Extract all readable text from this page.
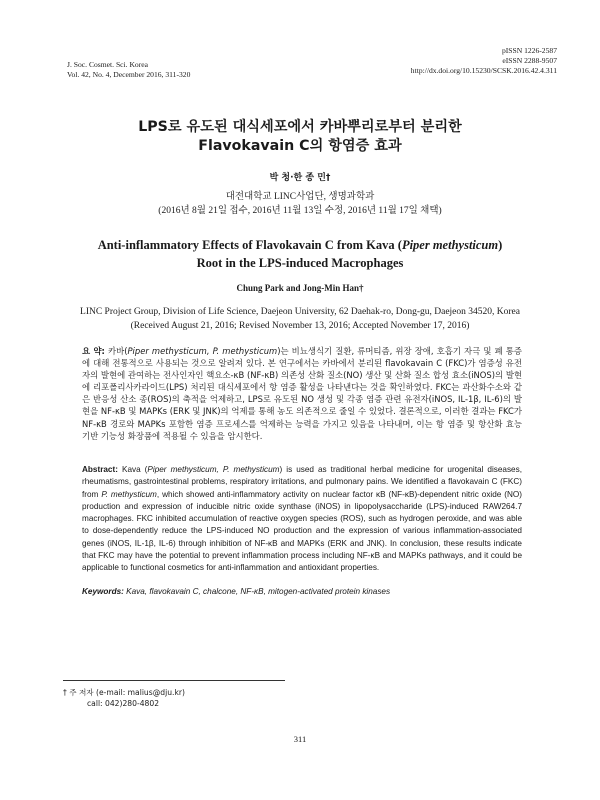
J. Soc. Cosmet. Sci. Korea
Vol. 42, No. 4, December 2016, 311-320
pISSN 1226-2587
eISSN 2288-9507
http://dx.doi.org/10.15230/SCSK.2016.42.4.311
LPS로 유도된 대식세포에서 카바뿌리로부터 분리한
Flavokavain C의 항염증 효과
박 청·한 종 민†
대전대학교 LINC사업단, 생명과학과
(2016년 8월 21일 접수, 2016년 11월 13일 수정, 2016년 11월 17일 채택)
Anti-inflammatory Effects of Flavokavain C from Kava (Piper methysticum)
Root in the LPS-induced Macrophages
Chung Park and Jong-Min Han†
LINC Project Group, Division of Life Science, Daejeon University, 62 Daehak-ro, Dong-gu, Daejeon 34520, Korea
(Received August 21, 2016; Revised November 13, 2016; Accepted November 17, 2016)
요 약: 카바(Piper methysticum, P. methysticum)는 비뇨생식기 질환, 류머티즘, 위장 장애, 호흡기 자극 및 폐 통증에 대해 전통적으로 사용되는 것으로 알려져 있다. 본 연구에서는 카바에서 분리된 flavokavain C (FKC)가 염증성 유전자의 발현에 관여하는 전사인자인 핵요소-κB (NF-κB) 의존성 산화 질소(NO) 생산 및 산화 질소 합성 효소(iNOS)의 발현에 리포폴리사카라이드(LPS) 처리된 대식세포에서 항 염증 활성을 나타낸다는 것을 확인하였다. FKC는 과산화수소와 같은 반응성 산소 종(ROS)의 축적을 억제하고, LPS로 유도된 NO 생성 및 각종 염증 관련 유전자(iNOS, IL-1β, IL-6)의 발현을 NF-κB 및 MAPKs (ERK 및 JNK)의 억제를 통해 농도 의존적으로 줄일 수 있었다. 결론적으로, 이러한 결과는 FKC가 NF-κB 경로와 MAPKs 포함한 염증 프로세스를 억제하는 능력을 가지고 있음을 나타내며, 이는 항 염증 및 항산화 효능 기반 기능성 화장품에 적용될 수 있음을 암시한다.
Abstract: Kava (Piper methysticum, P. methysticum) is used as traditional herbal medicine for urogenital diseases, rheumatisms, gastrointestinal problems, respiratory irritations, and pulmonary pains. We identified a flavokavain C (FKC) from P. methysticum, which showed anti-inflammatory activity on nuclear factor κB (NF-κB)-dependent nitric oxide (NO) production and expression of inducible nitric oxide synthase (iNOS) in lipopolysaccharide (LPS)-induced RAW264.7 macrophages. FKC inhibited accumulation of reactive oxygen species (ROS), such as hydrogen peroxide, and was able to dose-dependently reduce the LPS-induced NO production and the expression of various inflammation-associated genes (iNOS, IL-1β, IL-6) through inhibition of NF-κB and MAPKs (ERK and JNK). In conclusion, these results indicate that FKC may have the potential to prevent inflammation process including NF-κB and MAPKs pathways, and it could be applicable to functional cosmetics for anti-inflammation and antioxidant properties.
Keywords: Kava, flavokavain C, chalcone, NF-κB, mitogen-activated protein kinases
† 주 저자 (e-mail: malius@dju.kr)
call: 042)280-4802
311
